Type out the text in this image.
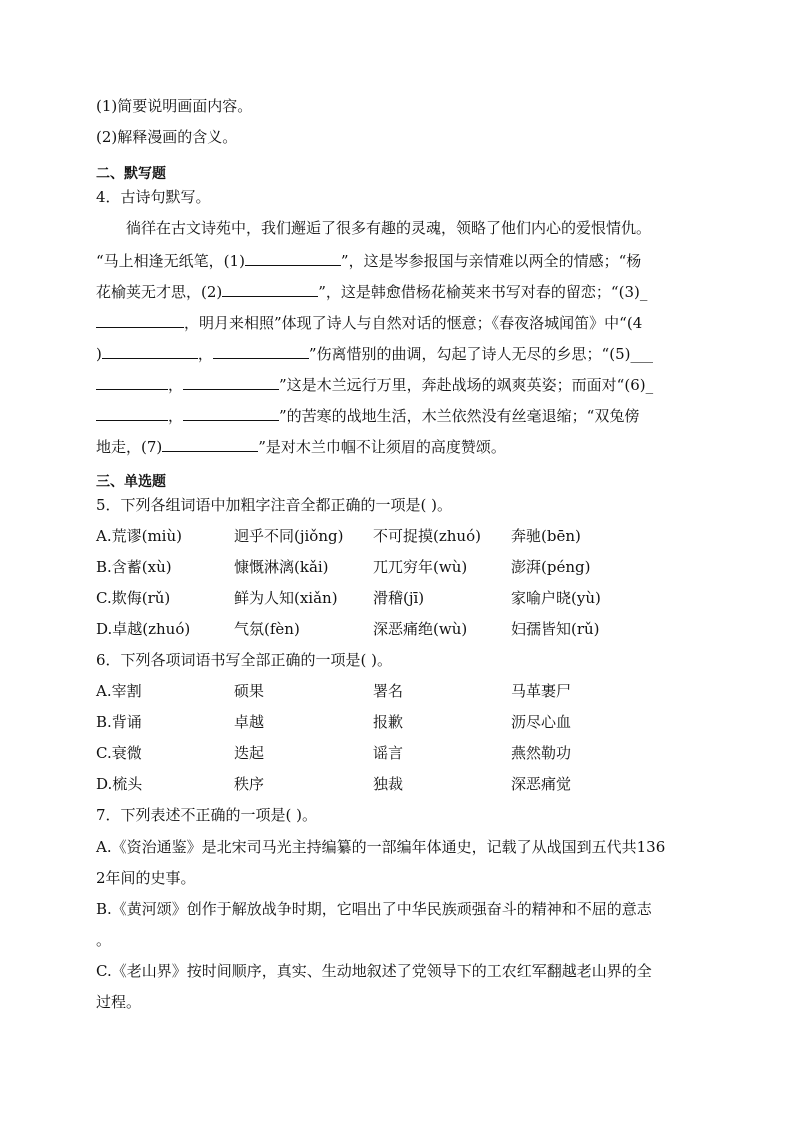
(1)简要说明画面内容。
(2)解释漫画的含义。
二、默写题
4．古诗句默写。
徜徉在古文诗苑中，我们邂逅了很多有趣的灵魂，领略了他们内心的爱恨情仇。
“马上相逢无纸笔，(1)	”，这是岑参报国与亲情难以两全的情感；“杨
花榆荚无才思，(2)	”，这是韩愈借杨花榆荚来书写对春的留恋；“(3)_
，明月来相照”体现了诗人与自然对话的惬意；《春夜洛城闻笛》中“(4
)	，	”伤离惜别的曲调，勾起了诗人无尽的乡思；“(5)___
，	”这是木兰远行万里，奔赴战场的飒爽英姿；而面对“(6)_
，	”的苦寒的战地生活，木兰依然没有丝毫退缩；“双兔傍
地走，(7)	”是对木兰巾帼不让须眉的高度赞颂。
三、单选题
5．下列各组词语中加粗字注音全都正确的一项是( )。
A.荒谬(miù)	迥乎不同(jiǒng) 不可捉摸(zhuó) 奔驰(bēn)
B.含蓄(xù)	慷慨淋漓(kǎi)	兀兀穷年(wù)	澎湃(péng)
C.欺侮(rǔ)	鲜为人知(xiǎn) 滑稽(jī)	家喻户晓(yù)
D.卓越(zhuó)	气氛(fèn)	深恶痛绝(wù)	妇孺皆知(rǔ)
6．下列各项词语书写全部正确的一项是( )。
A.宰割	硕果	署名	马革裹尸
B.背诵	卓越	报歉	沥尽心血
C.衰微	迭起	谣言	燕然勒功
D.梳头	秩序	独裁	深恶痛觉
7．下列表述不正确的一项是( )。
A.《资治通鉴》是北宋司马光主持编纂的一部编年体通史，记载了从战国到五代共136
2年间的史事。
B.《黄河颂》创作于解放战争时期，它唱出了中华民族顽强奋斗的精神和不屈的意志
。
C.《老山界》按时间顺序，真实、生动地叙述了党领导下的工农红军翻越老山界的全
过程。
